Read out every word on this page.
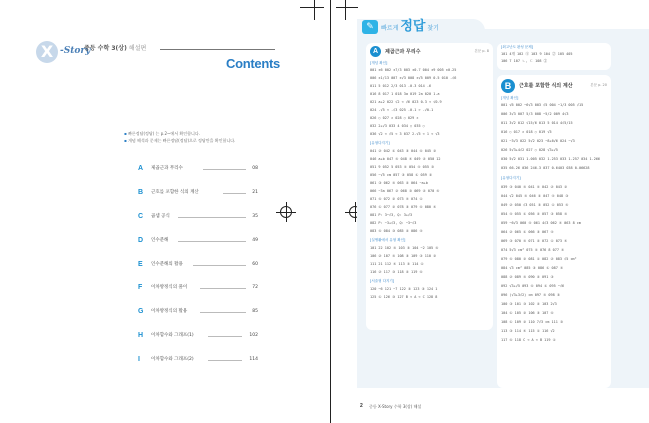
X -Story
중등 수학 3(상) 해설편
Contents
▪ 빠른정답(정답) 는 p.2~에서 확인합니다.
▪ 개념 해석과 문제는 빠른정답(정답)으로 정답만을 확인합니다.
A 제곱근과 무리수	08
B 근호를 포함한 식의 계산	21
C 곱셈 공식	35
D 인수분해	49
E 인수분해의 활용	60
F 이차방정식의 풀이	72
G 이차방정식의 활용	85
H 이차함수와 그래프(1)	102
I 이차함수와 그래프(2)	114
✎	빠르게 정답 찾기
A	제곱근과 무리수	본문 p. 8
[개념 확인]
001 ±6 002 ±7/3 003 ±0.7 004 ±9 005 ±0.25
006 ±1/13 007 ±√3 008 ±√5 009 0.5 010 -√6
011 5 012 2/3 013 -0.3 014 -6
016 8 017 1 018 3a 019 2a 020 1-a
021 a+2 022 √2 < √6 023 0.3 < √0.9
024 -√5 < -√3 025 -0.1 > -√0.1
026 ○ 027 × 028 ○ 029 ×
032 2+√3 033 4 034 ○ 035 ○
036 √2 < √5 < 3 037 2-√5 < 1 < √3
[유형다지기]
041 ② 042 ① 043 ③ 044 ⑤ 045 ②
046 a+b 047 ④ 048 ④ 049 ② 050 12
051 9 052 5 053 ⑤ 054 ④ 055 ③
056 −√5 cm 057 ③ 058 ① 059 ②
061 ③ 062 ⑤ 063 ② 064 −a+b
066 −3a 067 ② 068 ③ 069 ② 070 ④
071 ⑤ 072 ② 073 ④ 074 ①
076 ① 077 ② 078 ③ 079 ⑤ 080 ④
081 P: 3−√3, Q: 3+√3
082 P: −3+√3, Q: −3−√3
083 ⑤ 084 ③ 085 ② 086 ④
[실생활에서 유형 확인]
101 22 102 ⑤ 103 ③ 104 −2 105 ⑤
106 ② 107 ⑤ 108 ③ 109 ③ 110 ②
111 21 112 ④ 113 ③ 114 ①
116 ② 117 ③ 118 ② 119 ⑤
[서술형 다지기]
120 −6 121 −7 122 ③ 123 ③ 124 1
125 ① 126 ③ 127 B < A < C 128 8
[최고난도 완성 문제]
101 4개 102 ④ 103 9 104 ② 105 405
106 7 107 ㄴ, ㄷ 108 ②
B	근호를 포함한 식의 계산	본문 p. 20
[개념 확인]
001 √6 002 −6√3 003 √5 004 −1/3 005 √15
006 3√3 007 5/3 008 −5/2 009 4√3
011 3√2 012 √15/6 013 5 014 4√5/15
016 ○ 017 × 018 ○ 019 √5
021 −3√3 022 5√2 023 −8+6√6 024 −√3
026 5√3+4√2 027 ○ 028 √3+√5
030 5√2 031 1.005 032 1.253 033 1.257 034 1.266
035 66.26 036 246.3 037 0.6403 038 0.06628
[유형다지기]
039 ③ 040 ⑤ 041 ⑤ 042 ② 043 ②
044 √2 045 ⑤ 046 ② 047 ④ 048 ③
049 ② 050 √3 051 ③ 052 ① 053 ④
054 ④ 055 ① 056 ② 057 ③ 058 ⑤
059 −6√3 060 ④ 061 4√3 062 ④ 063 8 cm
064 ② 065 ① 066 ③ 067 ④
069 ③ 070 ⑤ 071 ② 072 ① 073 ④
074 5√3 cm² 075 ⑤ 076 8 077 ⑤
079 ⑤ 080 ② 081 ① 082 ② 083 √5 cm²
084 √3 cm² 085 ③ 086 ① 087 ⑤
088 ② 089 ⑤ 090 ② 091 ③
092 √3+√5 093 ⑤ 094 ① 095 −√6
096 (√3+3√2) cm 097 ⑤ 098 ③
100 ③ 101 ③ 102 ② 103 2√3
104 ① 105 ② 106 ③ 107 ⑤
108 ① 109 ② 110 7√3 cm 111 ③
113 ③ 114 ④ 115 ① 116 √2
117 ⑤ 118 C < A < B 119 ①
2 중등 X-Story 수학 3(상) 해설
